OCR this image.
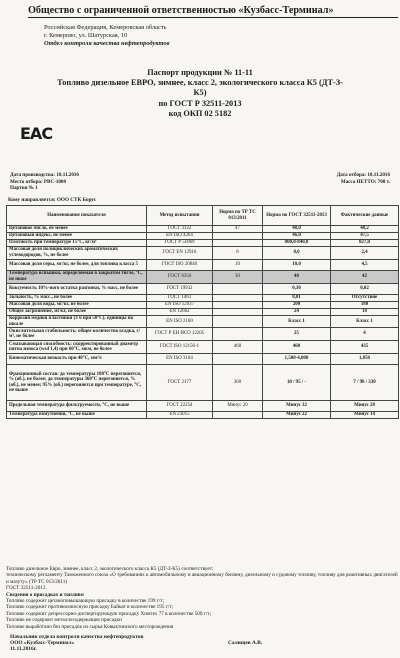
Общество с ограниченной ответственностью «Кузбасс-Терминал»
Российская Федерация, Кемеровская область
г. Кемерово, ул. Шатурская, 10
Отдел контроля качества нефтепродуктов
Паспорт продукции № 11-11
Топливо дизельное ЕВРО, зимнее, класс 2, экологического класса К5 (ДТ-З-
К5)
по ГОСТ Р 32511-2013
код ОКП 02 5182
ЕАС
Дата производства: 10.11.2016
Место отбора: РВС-1000
Партия № 1
Дата отбора: 10.11.2016
Масса НЕТТО: 700 т.
Кому направляется: ООО СТК Борус
Наименование показателя	Метод испытания	Норма по ТР ТС 013/2011	Норма по ГОСТ 32511-2013	Фактические данные
Цетановое число, не менее	ГОСТ 3122	47	48,0	48,2
Цетановый индекс, не менее	EN ISO 4264		46,0	47,5
Плотность при температуре 15°С, кг/м³	ГОСТ Р 51069		800,0-840,0	827,0
Массовая доля полициклических ароматических углеводородов, %, не более	ГОСТ EN 12916	8	8,0	2,4
Массовая доля серы, мг/кг, не более, для топлива класса 5	ГОСТ ISO 20846	10	10,0	4,5
Температура вспышки, определяемая в закрытом тигле, °С, не ниже	ГОСТ 6356	30	40	42
Коксуемость 10%-ного остатка разгонки, % масс, не более	ГОСТ 19932		0,30	0,02
Зольность, % масс., не более	ГОСТ 1461		0,01	Отсутствие
Массовая доля воды, мг/кг, не более	EN ISO 12937		200	180
Общее загрязнение, мг/кг, не более	EN 12662		24	18
Коррозия медной пластинки (3 ч при 50°С), единицы по шкале	EN ISO 2160		Класс 1	Класс 1
Окислительная стабильность: общее количество осадка, г/м³, не более	ГОСТ Р ЕН ИСО 12205		25	4
Смазывающая способность: скорректированный диаметр пятна износа (wsd 1,4) при 60°С, мкм, не более	ГОСТ ISO 12156-1	460	460	435
Кинематическая вязкость при 40°С, мм²/с	EN ISO 3104		1,500-4,000	1,850
Фракционный состав: до температуры 180°С перегоняется, % (об.), не более; до температуры 360°С перегоняется, % (об.), не менее; 95% (об.) перегоняется при температуре, °С, не выше	ГОСТ 2177	360	10 / 95 / -	7 / 98 / 330
Предельная температура фильтруемости, °С, не выше	ГОСТ 22254	Минус 20	Минус 32	Минус 28
Температура помутнения, °С, не выше	EN 23015		Минус 22	Минус 14
Топливо дизельное Евро, зимнее, класс 2, экологического класса К5 (ДТ-З-К5) соответствует:
техническому регламенту Таможенного союза «О требованиях к автомобильному и авиационному бензину, дизельному и судовому топливу, топливу для реактивных двигателей и мазуту» (ТР ТС 013/2011)
ГОСТ 32511-2013
Сведения о присадках и топливе:
Топливо содержит цетаноповышающую присадку в количестве 199 г/т;
Топливо содержит противоизносную присадку Байкат в количестве 195 г/т;
Топливо содержит депрессорно-диспергирующую присадку Химтех 77 в количестве 500 г/т;
Топливо не содержит металлосодержащие присадки
Топливо выработано без присадок из сырья Ковыктинского месторождения
Начальник отдела контроля качества нефтепродуктов
ООО «Кузбасс-Терминал»
11.11.2016г.
Салищев А.В.
